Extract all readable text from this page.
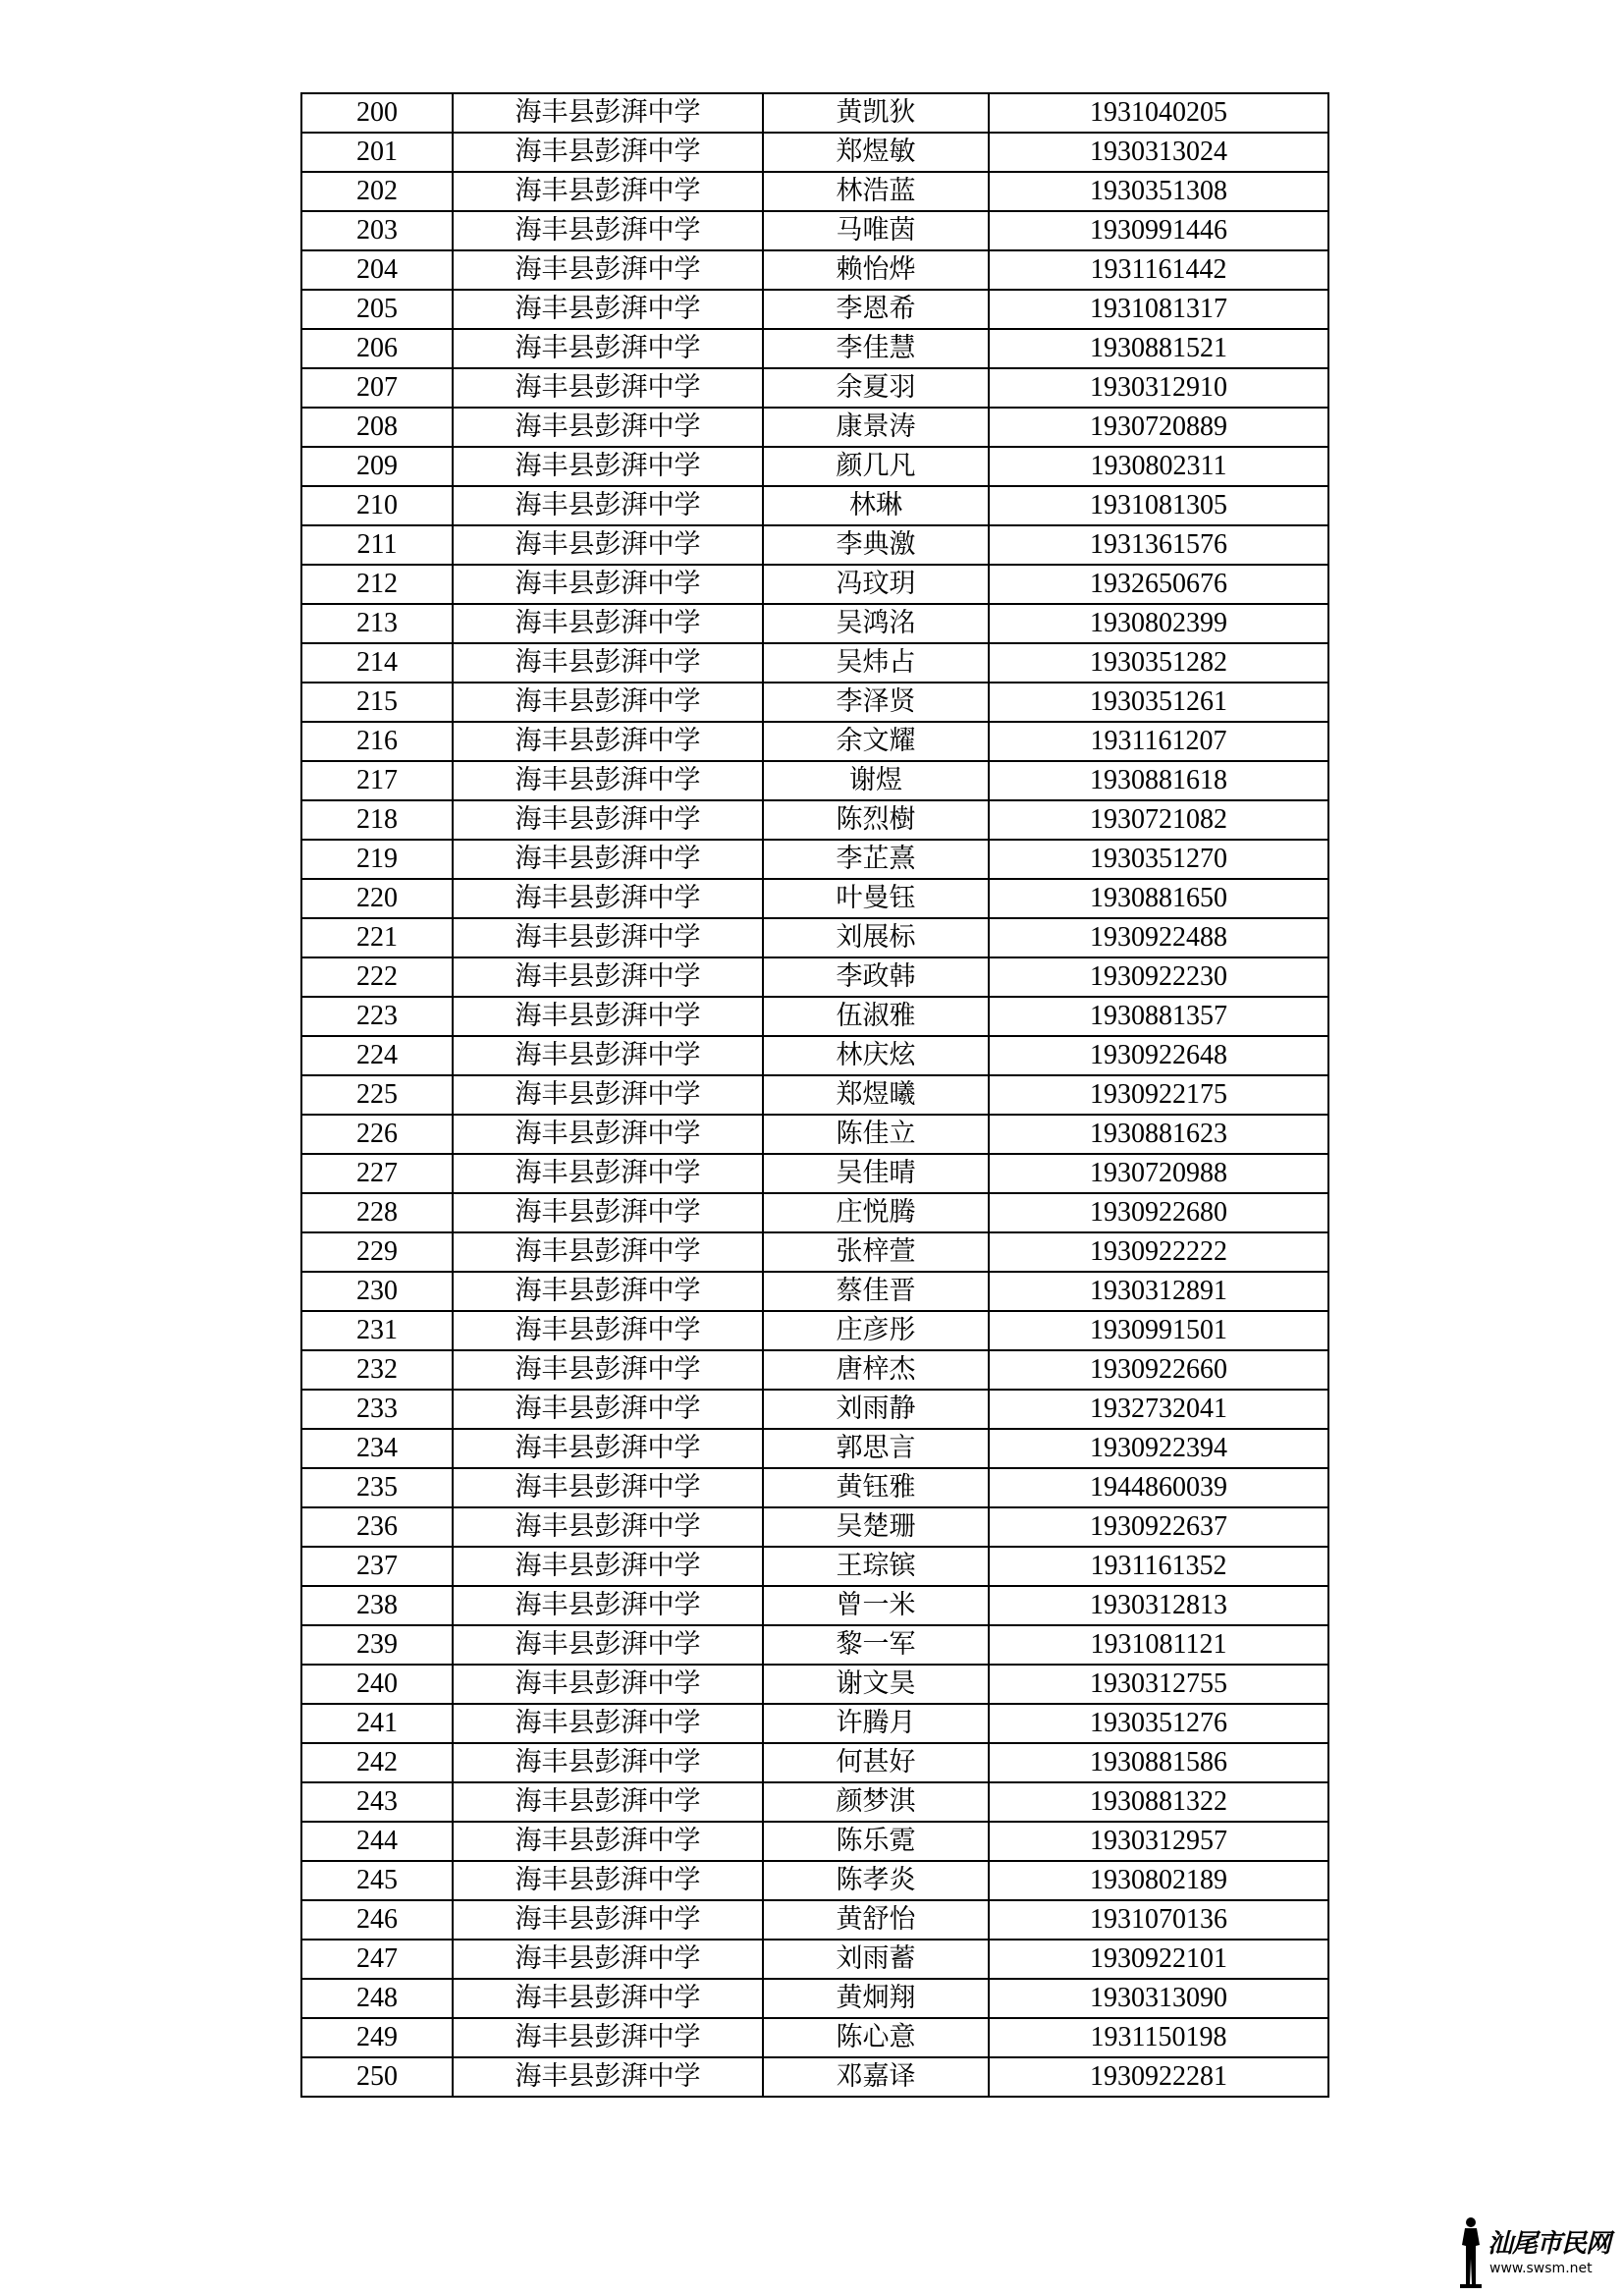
200	海丰县彭湃中学	黄凯狄	1931040205
201	海丰县彭湃中学	郑煜敏	1930313024
202	海丰县彭湃中学	林浩蓝	1930351308
203	海丰县彭湃中学	马唯茵	1930991446
204	海丰县彭湃中学	赖怡烨	1931161442
205	海丰县彭湃中学	李恩希	1931081317
206	海丰县彭湃中学	李佳慧	1930881521
207	海丰县彭湃中学	余夏羽	1930312910
208	海丰县彭湃中学	康景涛	1930720889
209	海丰县彭湃中学	颜几凡	1930802311
210	海丰县彭湃中学	林琳	1931081305
211	海丰县彭湃中学	李典激	1931361576
212	海丰县彭湃中学	冯玟玥	1932650676
213	海丰县彭湃中学	吴鸿洺	1930802399
214	海丰县彭湃中学	吴炜占	1930351282
215	海丰县彭湃中学	李泽贤	1930351261
216	海丰县彭湃中学	余文耀	1931161207
217	海丰县彭湃中学	谢煜	1930881618
218	海丰县彭湃中学	陈烈樹	1930721082
219	海丰县彭湃中学	李芷熹	1930351270
220	海丰县彭湃中学	叶曼钰	1930881650
221	海丰县彭湃中学	刘展标	1930922488
222	海丰县彭湃中学	李政韩	1930922230
223	海丰县彭湃中学	伍淑雅	1930881357
224	海丰县彭湃中学	林庆炫	1930922648
225	海丰县彭湃中学	郑煜曦	1930922175
226	海丰县彭湃中学	陈佳立	1930881623
227	海丰县彭湃中学	吴佳晴	1930720988
228	海丰县彭湃中学	庄悦腾	1930922680
229	海丰县彭湃中学	张梓萱	1930922222
230	海丰县彭湃中学	蔡佳晋	1930312891
231	海丰县彭湃中学	庄彦彤	1930991501
232	海丰县彭湃中学	唐梓杰	1930922660
233	海丰县彭湃中学	刘雨静	1932732041
234	海丰县彭湃中学	郭思言	1930922394
235	海丰县彭湃中学	黄钰雅	1944860039
236	海丰县彭湃中学	吴楚珊	1930922637
237	海丰县彭湃中学	王琮镔	1931161352
238	海丰县彭湃中学	曾一米	1930312813
239	海丰县彭湃中学	黎一军	1931081121
240	海丰县彭湃中学	谢文昊	1930312755
241	海丰县彭湃中学	许腾月	1930351276
242	海丰县彭湃中学	何甚好	1930881586
243	海丰县彭湃中学	颜梦淇	1930881322
244	海丰县彭湃中学	陈乐霓	1930312957
245	海丰县彭湃中学	陈孝炎	1930802189
246	海丰县彭湃中学	黄舒怡	1931070136
247	海丰县彭湃中学	刘雨蓄	1930922101
248	海丰县彭湃中学	黄炯翔	1930313090
249	海丰县彭湃中学	陈心意	1931150198
250	海丰县彭湃中学	邓嘉译	1930922281
汕尾市民网
www.swsm.net
